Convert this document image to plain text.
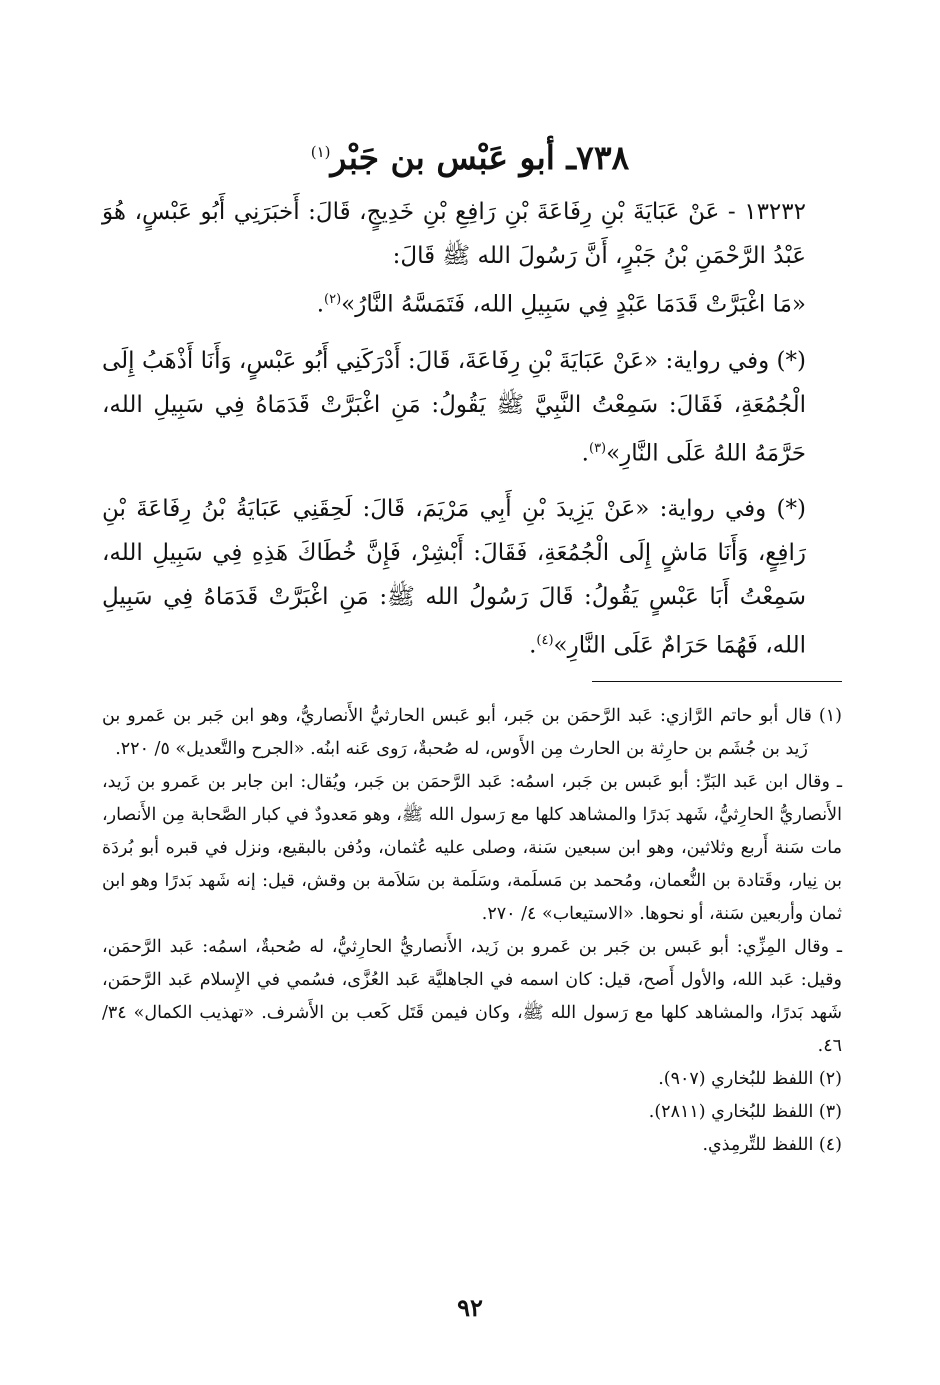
٧٣٨ـ أبو عَبْس بن جَبْر$^{(١)}$

١٣٢٣٢ - عَنْ عَبَايَةَ بْنِ رِفَاعَةَ بْنِ رَافِعِ بْنِ خَدِيجٍ، قَالَ: أَخبَرَنِي أَبُو عَبْسٍ، هُوَ عَبْدُ الرَّحْمَنِ بْنُ جَبْرٍ، أَنَّ رَسُولَ الله ﷺ قَالَ:

«مَا اغْبَرَّتْ قَدَمَا عَبْدٍ فِي سَبِيلِ الله، فَتَمَسَّهُ النَّارُ»$^{(٢)}$.

(*) وفي رواية: «عَنْ عَبَايَةَ بْنِ رِفَاعَةَ، قَالَ: أَدْرَكَنِي أَبُو عَبْسٍ، وَأَنَا أَذْهَبُ إِلَى الْجُمُعَةِ، فَقَالَ: سَمِعْتُ النَّبِيَّ ﷺ يَقُولُ: مَنِ اغْبَرَّتْ قَدَمَاهُ فِي سَبِيلِ الله، حَرَّمَهُ اللهُ عَلَى النَّارِ»$^{(٣)}$.

(*) وفي رواية: «عَنْ يَزِيدَ بْنِ أَبِي مَرْيَمَ، قَالَ: لَحِقَنِي عَبَايَةُ بْنُ رِفَاعَةَ بْنِ رَافِعٍ، وَأَنَا مَاشٍ إِلَى الْجُمُعَةِ، فَقَالَ: أَبْشِرْ، فَإِنَّ خُطَاكَ هَذِهِ فِي سَبِيلِ الله، سَمِعْتُ أَبَا عَبْسٍ يَقُولُ: قَالَ رَسُولُ الله ﷺ: مَنِ اغْبَرَّتْ قَدَمَاهُ فِي سَبِيلِ الله، فَهُمَا حَرَامٌ عَلَى النَّارِ»$^{(٤)}$.

(١) قال أبو حاتم الرَّازي: عَبد الرَّحمَن بن جَبر، أبو عَبس الحارثيُّ الأَنصاريُّ، وهو ابن جَبر بن عَمرو بن زَيد بن جُشَم بن حارِثة بن الحارث مِن الأَوس، له صُحبةٌ، رَوى عَنه ابنُه. «الجرح والتَّعديل» ٥/ ٢٢٠.

ـ وقال ابن عَبد البَرِّ: أبو عَبس بن جَبر، اسمُه: عَبد الرَّحمَن بن جَبر، ويُقال: ابن جابر بن عَمرو بن زَيد، الأَنصاريُّ الحارِثيُّ، شَهد بَدرًا والمشاهد كلها مع رَسول الله ﷺ، وهو مَعدودٌ في كبار الصَّحابة مِن الأَنصار، مات سَنة أَربع وثلاثين، وهو ابن سبعين سَنة، وصلى عليه عُثمان، ودُفن بالبقيع، ونزل في قبره أبو بُردَة بن نِيار، وقَتادة بن النُّعمان، ومُحمد بن مَسلَمة، وسَلَمة بن سَلاَمة بن وقش، قيل: إنه شَهد بَدرًا وهو ابن ثمان وأربعين سَنة، أو نحوها. «الاستيعاب» ٤/ ٢٧٠.

ـ وقال المِزِّي: أبو عَبس بن جَبر بن عَمرو بن زَيد، الأَنصاريُّ الحارِثيُّ، له صُحبةٌ، اسمُه: عَبد الرَّحمَن، وقيل: عَبد الله، والأول أَصح، قيل: كان اسمه في الجاهليَّة عَبد العُزَّى، فسُمي في الإِسلام عَبد الرَّحمَن، شَهد بَدرًا، والمشاهد كلها مع رَسول الله ﷺ، وكان فيمن قَتَل كَعب بن الأَشرف. «تهذيب الكمال» ٣٤/ ٤٦.

(٢) اللفظ للبُخاري (٩٠٧).

(٣) اللفظ للبُخاري (٢٨١١).

(٤) اللفظ للتِّرمِذي.

٩٢
